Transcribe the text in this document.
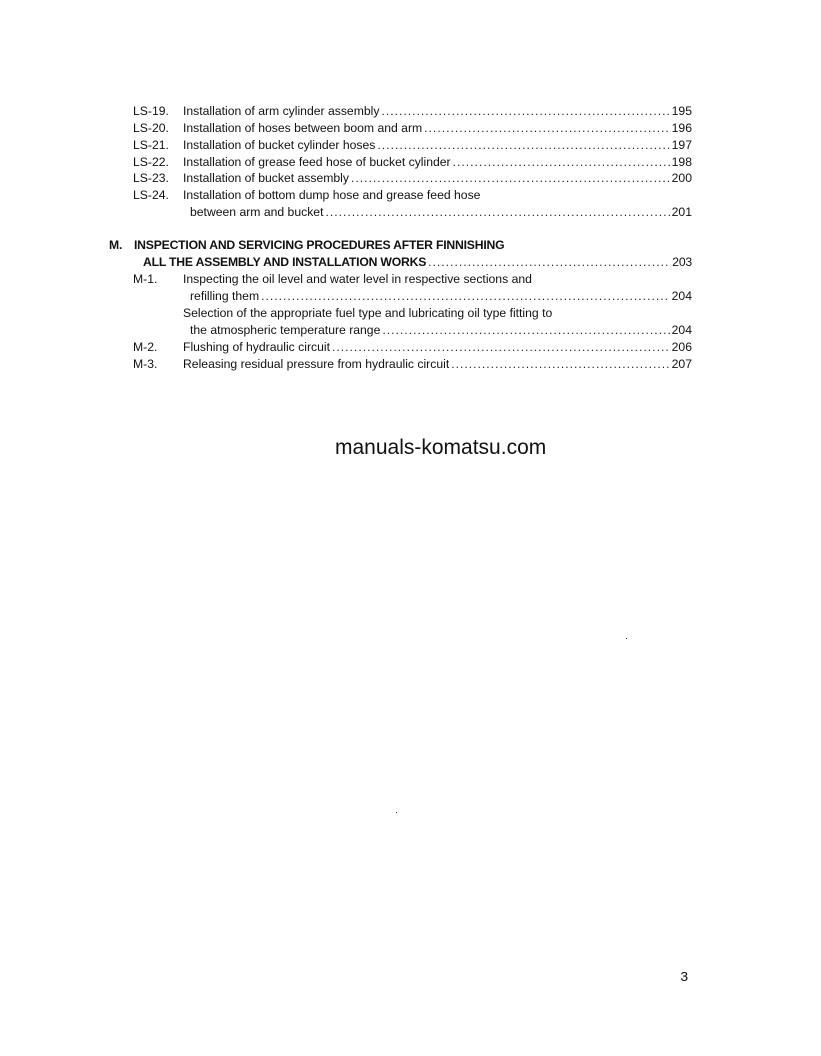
LS-19. Installation of arm cylinder assembly .....	195
LS-20. Installation of hoses between boom and arm .....	196
LS-21. Installation of bucket cylinder hoses .....	197
LS-22. Installation of grease feed hose of bucket cylinder .....	198
LS-23. Installation of bucket assembly .....	200
LS-24. Installation of bottom dump hose and grease feed hose
between arm and bucket .....	201
M. INSPECTION AND SERVICING PROCEDURES AFTER FINNISHING
ALL THE ASSEMBLY AND INSTALLATION WORKS .....	203
M-1. Inspecting the oil level and water level in respective sections and
refilling them .....	204
Selection of the appropriate fuel type and lubricating oil type fitting to
the atmospheric temperature range .....	204
M-2. Flushing of hydraulic circuit .....	206
M-3. Releasing residual pressure from hydraulic circuit .....	207
manuals-komatsu.com
3
